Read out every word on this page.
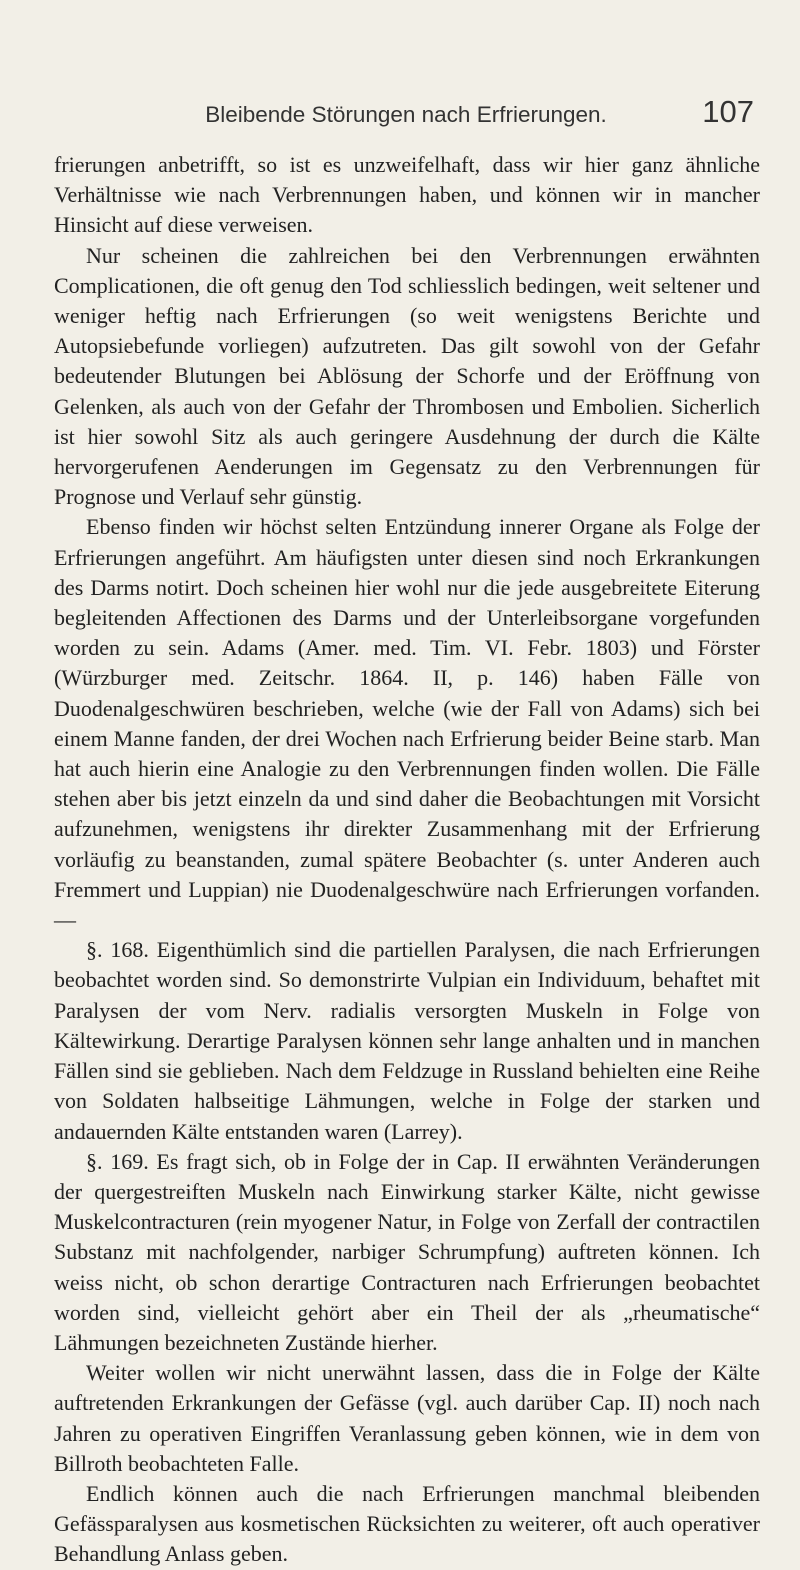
Bleibende Störungen nach Erfrierungen.	107

frierungen anbetrifft, so ist es unzweifelhaft, dass wir hier ganz ähnliche Verhältnisse wie nach Verbrennungen haben, und können wir in mancher Hinsicht auf diese verweisen.

Nur scheinen die zahlreichen bei den Verbrennungen erwähnten Complicationen, die oft genug den Tod schliesslich bedingen, weit seltener und weniger heftig nach Erfrierungen (so weit wenigstens Berichte und Autopsiebefunde vorliegen) aufzutreten. Das gilt sowohl von der Gefahr bedeutender Blutungen bei Ablösung der Schorfe und der Eröffnung von Gelenken, als auch von der Gefahr der Thrombosen und Embolien. Sicherlich ist hier sowohl Sitz als auch geringere Ausdehnung der durch die Kälte hervorgerufenen Aenderungen im Gegensatz zu den Verbrennungen für Prognose und Verlauf sehr günstig.

Ebenso finden wir höchst selten Entzündung innerer Organe als Folge der Erfrierungen angeführt. Am häufigsten unter diesen sind noch Erkrankungen des Darms notirt. Doch scheinen hier wohl nur die jede ausgebreitete Eiterung begleitenden Affectionen des Darms und der Unterleibsorgane vorgefunden worden zu sein. Adams (Amer. med. Tim. VI. Febr. 1803) und Förster (Würzburger med. Zeitschr. 1864. II, p. 146) haben Fälle von Duodenalgeschwüren beschrieben, welche (wie der Fall von Adams) sich bei einem Manne fanden, der drei Wochen nach Erfrierung beider Beine starb. Man hat auch hierin eine Analogie zu den Verbrennungen finden wollen. Die Fälle stehen aber bis jetzt einzeln da und sind daher die Beobachtungen mit Vorsicht aufzunehmen, wenigstens ihr direkter Zusammenhang mit der Erfrierung vorläufig zu beanstanden, zumal spätere Beobachter (s. unter Anderen auch Fremmert und Luppian) nie Duodenalgeschwüre nach Erfrierungen vorfanden. —

§. 168. Eigenthümlich sind die partiellen Paralysen, die nach Erfrierungen beobachtet worden sind. So demonstrirte Vulpian ein Individuum, behaftet mit Paralysen der vom Nerv. radialis versorgten Muskeln in Folge von Kältewirkung. Derartige Paralysen können sehr lange anhalten und in manchen Fällen sind sie geblieben. Nach dem Feldzuge in Russland behielten eine Reihe von Soldaten halbseitige Lähmungen, welche in Folge der starken und andauernden Kälte entstanden waren (Larrey).

§. 169. Es fragt sich, ob in Folge der in Cap. II erwähnten Veränderungen der quergestreiften Muskeln nach Einwirkung starker Kälte, nicht gewisse Muskelcontracturen (rein myogener Natur, in Folge von Zerfall der contractilen Substanz mit nachfolgender, narbiger Schrumpfung) auftreten können. Ich weiss nicht, ob schon derartige Contracturen nach Erfrierungen beobachtet worden sind, vielleicht gehört aber ein Theil der als „rheumatische“ Lähmungen bezeichneten Zustände hierher.

Weiter wollen wir nicht unerwähnt lassen, dass die in Folge der Kälte auftretenden Erkrankungen der Gefässe (vgl. auch darüber Cap. II) noch nach Jahren zu operativen Eingriffen Veranlassung geben können, wie in dem von Billroth beobachteten Falle.

Endlich können auch die nach Erfrierungen manchmal bleibenden Gefässparalysen aus kosmetischen Rücksichten zu weiterer, oft auch operativer Behandlung Anlass geben.
